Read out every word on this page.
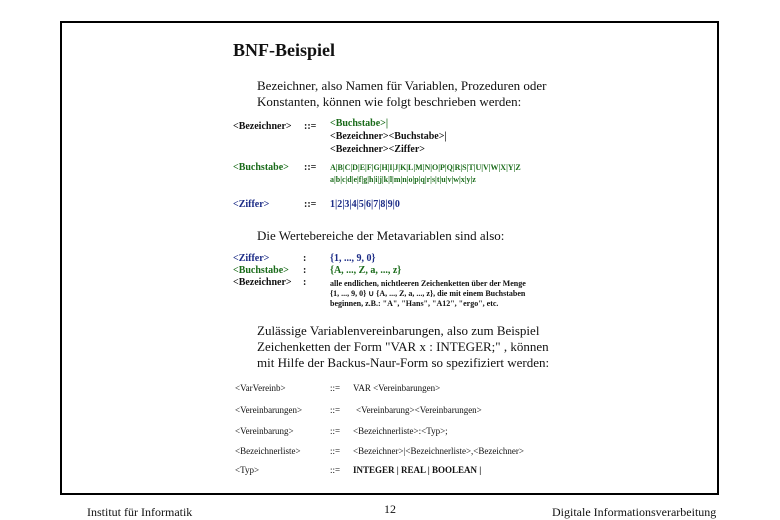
BNF-Beispiel
Bezeichner, also Namen für Variablen, Prozeduren oder
Konstanten, können wie folgt beschrieben werden:
<Bezeichner> ::= <Buchstabe>|
<Bezeichner><Buchstabe>|
<Bezeichner><Ziffer>
<Buchstabe> ::= A|B|C|D|E|F|G|H|I|J|K|L|M|N|O|P|Q|R|S|T|U|V|W|X|Y|Z
a|b|c|d|e|f|g|h|i|j|k|l|m|n|o|p|q|r|s|t|u|v|w|x|y|z
<Ziffer>	::= 1|2|3|4|5|6|7|8|9|0
Die Wertebereiche der Metavariablen sind also:
<Ziffer>	: {1, ..., 9, 0}
<Buchstabe> : {A, ..., Z, a, ..., z}
<Bezeichner> :	alle endlichen, nichtleeren Zeichenketten über der Menge
{1, ..., 9, 0} ∪ {A, ..., Z, a, ..., z}, die mit einem Buchstaben
beginnen, z.B.: "A", "Hans", "A12", "ergo", etc.
Zulässige Variablenvereinbarungen, also zum Beispiel
Zeichenketten der Form "VAR x : INTEGER;" , können
mit Hilfe der Backus-Naur-Form so spezifiziert werden:
<VarVereinb>	::= VAR <Vereinbarungen>
<Vereinbarungen>	::= <Vereinbarung><Vereinbarungen>
<Vereinbarung>	::= <Bezeichnerliste>:<Typ>;
<Bezeichnerliste>	::= <Bezeichner>|<Bezeichnerliste>,<Bezeichner>
<Typ>	::= INTEGER | REAL | BOOLEAN |
Institut für Informatik	12	Digitale Informationsverarbeitung
